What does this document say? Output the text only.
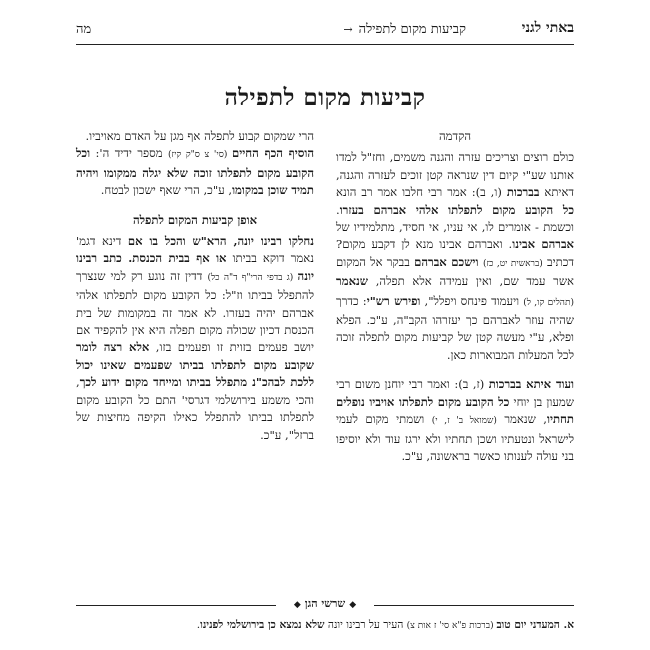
באתי לגני
קביעות מקום לתפילה→
מה
קביעות מקום לתפילה

הקדמה

כולם רוצים וצריכים עזרה והגנה משמים, וחז"ל למדו אותנו שע"י קיום דין שנראה קטן זוכים לעזרה והגנה, דאיתא בברכות (ו, ב): אמר רבי חלבו אמר רב הונא כל הקובע מקום לתפלתו אלהי אברהם בעזרו. וכשמת - אומרים לו, אי עניו, אי חסיד, מתלמידיו של אברהם אבינו. ואברהם אבינו מנא לן דקבע מקום? דכתיב (בראשית יט, כז) וישכם אברהם בבקר אל המקום אשר עמד שם, ואין עמידה אלא תפלה, שנאמר (תהלים קו, ל) ויעמוד פינחס ויפלל", ופירש רש"י: כדרך שהיה עוזר לאברהם כך יעזרהו הקב"ה, ע"כ. הפלא ופלא, ע"י מעשה קטן של קביעות מקום לתפלה זוכה לכל המעלות המבוארות כאן.

ועוד איתא בברכות (ז, ב): ואמר רבי יוחנן משום רבי שמעון בן יוחי כל הקובע מקום לתפלתו אויביו נופלים תחתיו, שנאמר (שמואל ב' ז, י) ושמתי מקום לעמי לישראל ונטעתיו ושכן תחתיו ולא ירגז עוד ולא יוסיפו בני עולה לענותו כאשר בראשונה, ע"כ.

הרי שמקום קבוע לתפלה אף מגן על האדם מאויביו.

הוסיף הכף החיים (סי' צ ס"ק קיז) מספר ידיד ה': וכל הקובע מקום לתפלתו זוכה שלא יגלה ממקומו ויהיה תמיד שוכן במקומו, ע"כ, הרי שאף ישכון לבטח.

אופן קביעות המקום לתפלה

נחלקו רבינו יונה, הרא"ש והכל בו אם דינא דגמ' נאמר דוקא בביתו או אף בבית הכנסת. כתב רבינו יונה (ג בדפי הרי"ף ד"ה כל) דדין זה נוגע רק למי שנצרך להתפלל בביתו וז"ל: כל הקובע מקום לתפלתו אלהי אברהם יהיה בעזרו. לא אמר זה במקומות של בית הכנסת דכיון שכולה מקום תפלה היא אין להקפיד אם יושב פעמים בזוית זו ופעמים בזו, אלא רצה לומר שקובע מקום לתפלתו בביתו שפעמים שאינו יכול ללכת לבהכ"נ מתפלל בביתו ומייחד מקום ידוע לכך, והכי משמע בירושלמי דגרסי' התם כל הקובע מקום לתפלתו בביתו להתפלל כאילו הקיפה מחיצות של ברזל", ע"כ.

◆שרשי הגן◆
א. המעדני יום טוב (ברכות פ"א סי' ז אות צ) העיר על רבינו יונה שלא נמצא כן בירושלמי לפנינו.
